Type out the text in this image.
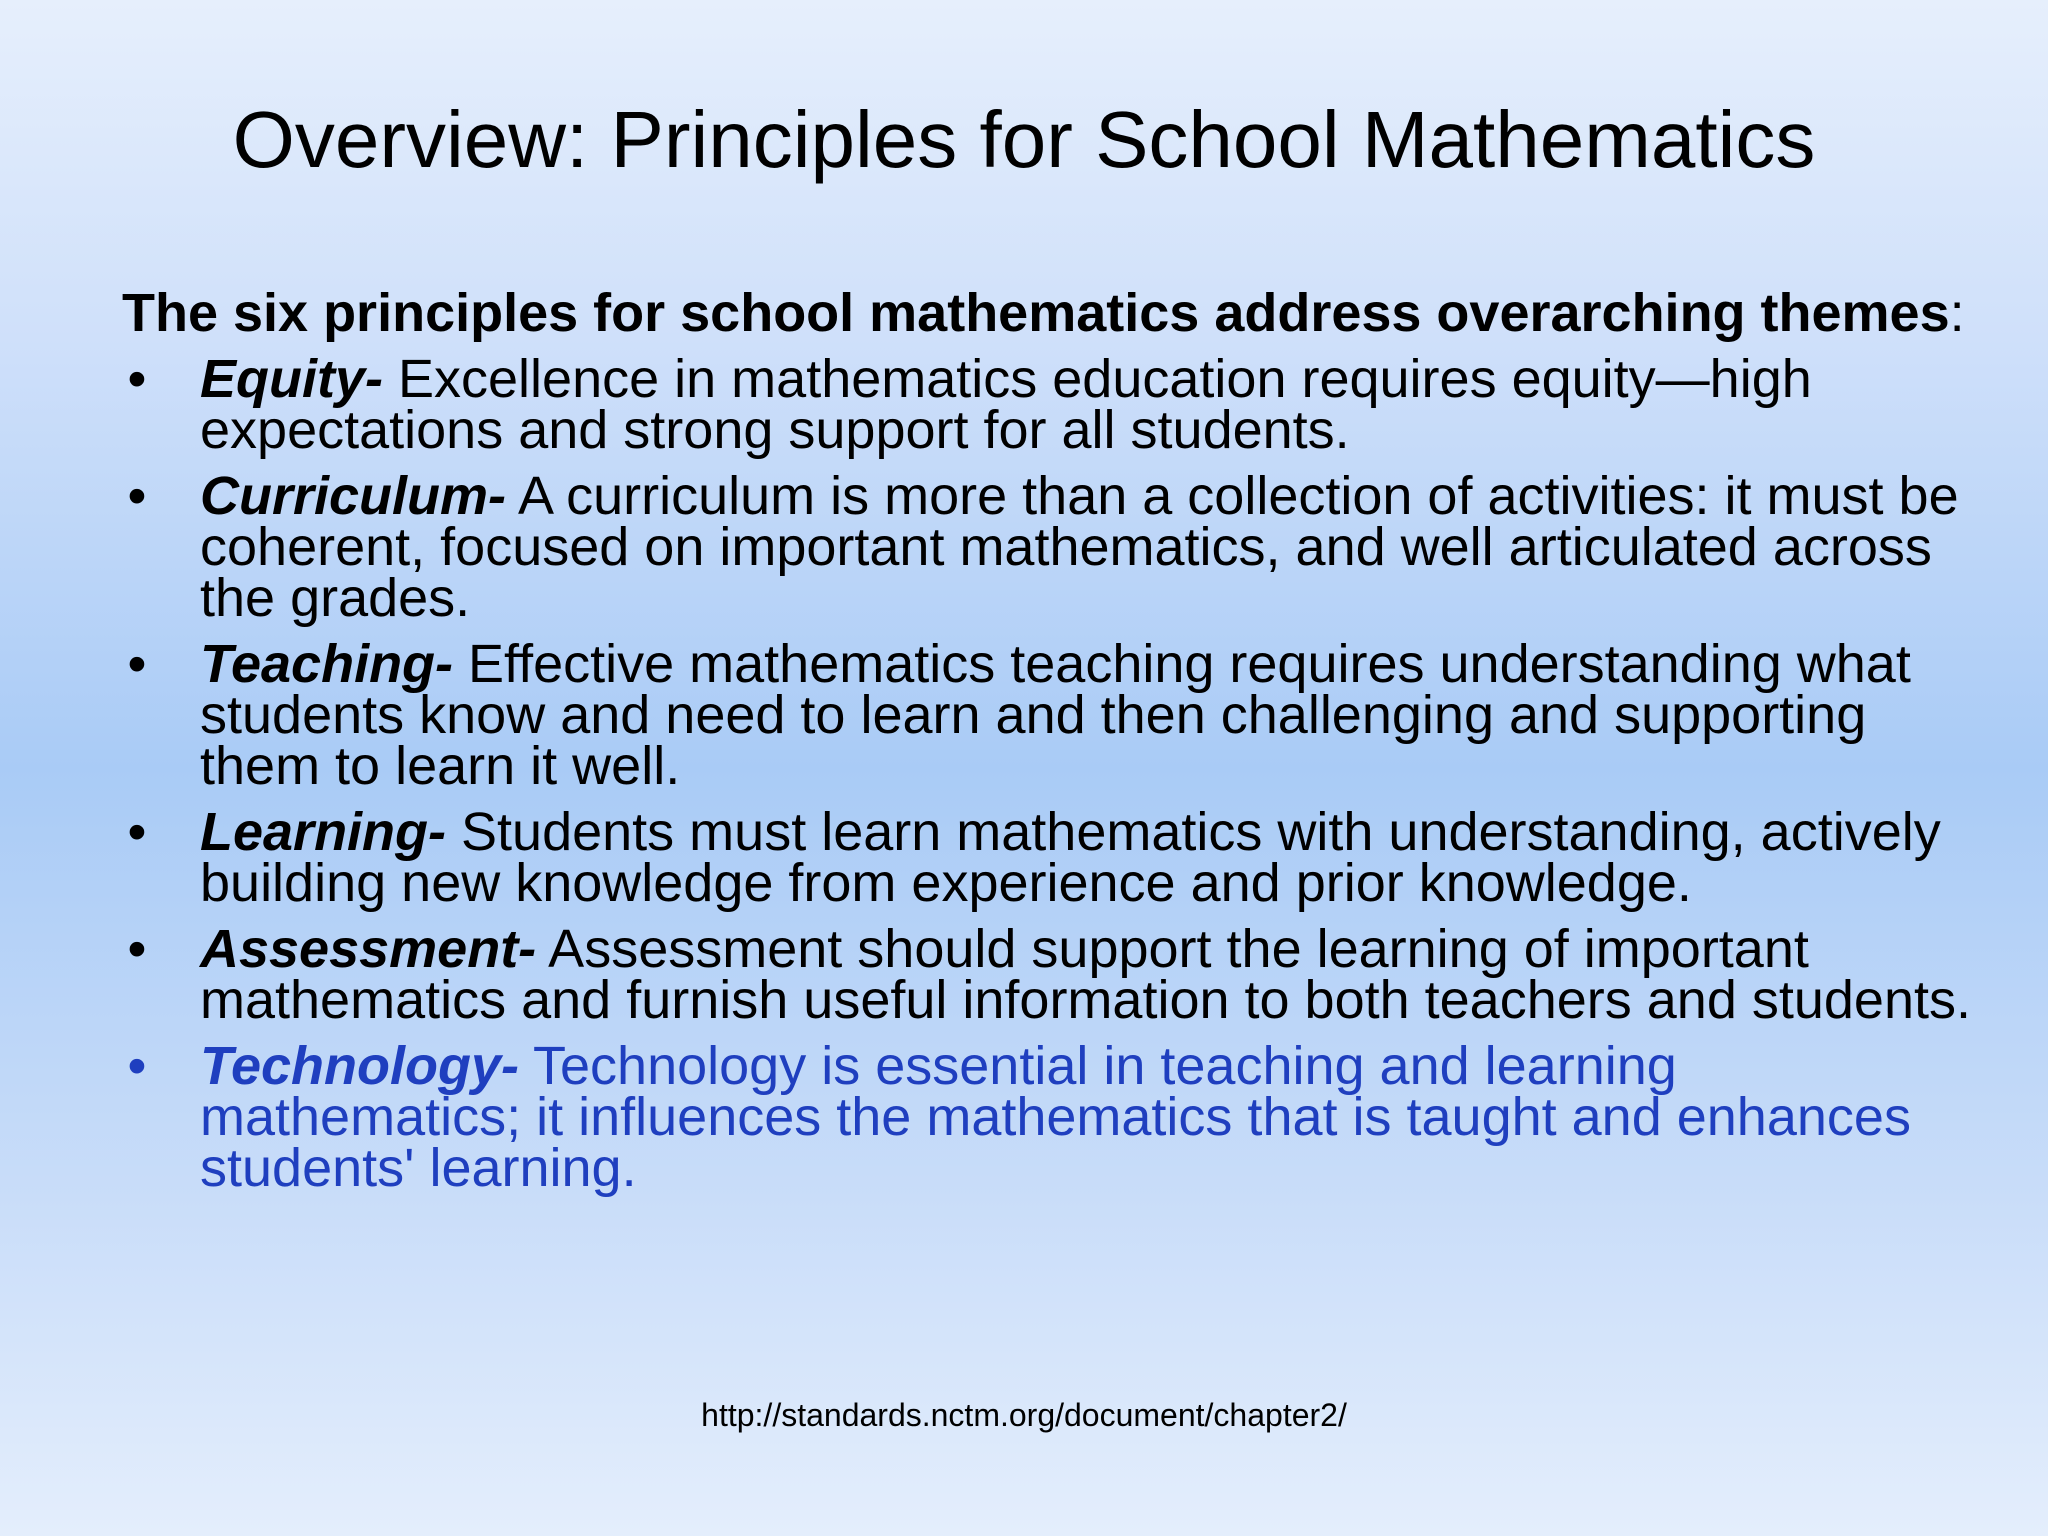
Overview: Principles for School Mathematics

The six principles for school mathematics address overarching themes:

• Equity- Excellence in mathematics education requires equity—high expectations and strong support for all students.
• Curriculum- A curriculum is more than a collection of activities: it must be coherent, focused on important mathematics, and well articulated across the grades.
• Teaching- Effective mathematics teaching requires understanding what students know and need to learn and then challenging and supporting them to learn it well.
• Learning- Students must learn mathematics with understanding, actively building new knowledge from experience and prior knowledge.
• Assessment- Assessment should support the learning of important mathematics and furnish useful information to both teachers and students.
• Technology- Technology is essential in teaching and learning mathematics; it influences the mathematics that is taught and enhances students' learning.
http://standards.nctm.org/document/chapter2/
